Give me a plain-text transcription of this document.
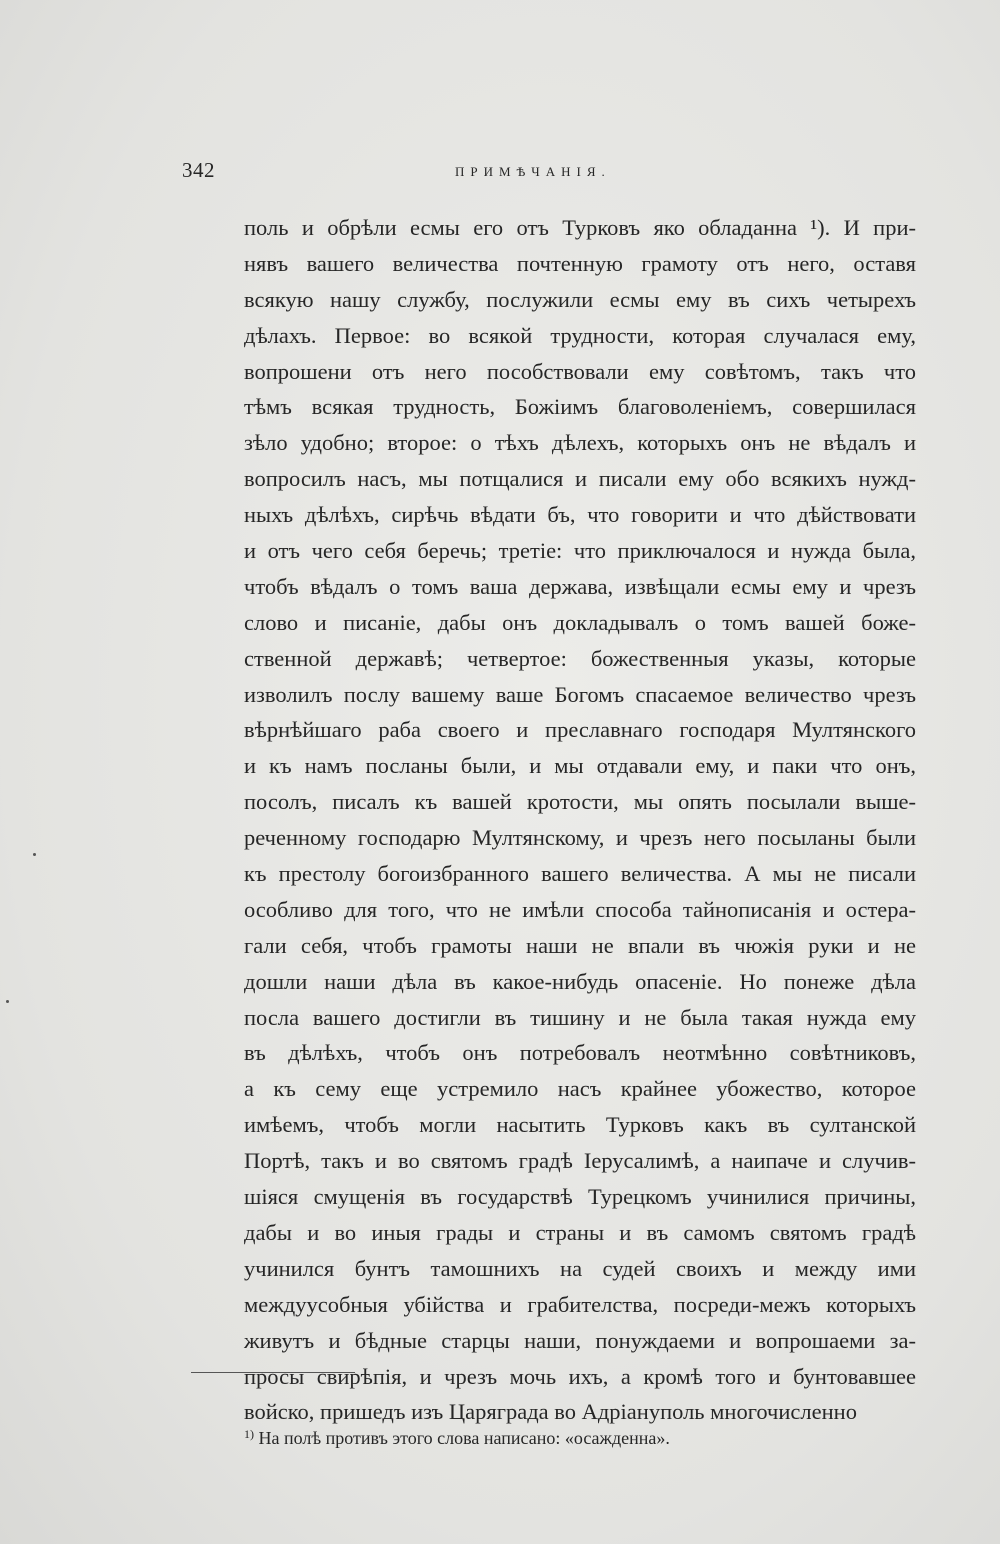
342	ПРИМѢЧАНІЯ.
поль и обрѣли есмы его отъ Турковъ яко обладанна ¹). И при-
нявъ вашего величества почтенную грамоту отъ него, оставя
всякую нашу службу, послужили есмы ему въ сихъ четырехъ
дѣлахъ. Первое: во всякой трудности, которая случалася ему,
вопрошени отъ него пособствовали ему совѣтомъ, такъ что
тѣмъ всякая трудность, Божіимъ благоволеніемъ, совершилася
зѣло удобно; второе: о тѣхъ дѣлехъ, которыхъ онъ не вѣдалъ и
вопросилъ насъ, мы потщалися и писали ему обо всякихъ нужд-
ныхъ дѣлѣхъ, сирѣчь вѣдати бъ, что говорити и что дѣйствовати
и отъ чего себя беречь; третіе: что приключалося и нужда была,
чтобъ вѣдалъ о томъ ваша держава, извѣщали есмы ему и чрезъ
слово и писаніе, дабы онъ докладывалъ о томъ вашей боже-
ственной державѣ; четвертое: божественныя указы, которые
изволилъ послу вашему ваше Богомъ спасаемое величество чрезъ
вѣрнѣйшаго раба своего и преславнаго господаря Мултянского
и къ намъ посланы были, и мы отдавали ему, и паки что онъ,
посолъ, писалъ къ вашей кротости, мы опять посылали выше-
реченному господарю Мултянскому, и чрезъ него посыланы были
къ престолу богоизбранного вашего величества. А мы не писали
особливо для того, что не имѣли способа тайнописанія и остера-
гали себя, чтобъ грамоты наши не впали въ чюжія руки и не
дошли наши дѣла въ какое-нибудь опасеніе. Но понеже дѣла
посла вашего достигли въ тишину и не была такая нужда ему
въ дѣлѣхъ, чтобъ онъ потребовалъ неотмѣнно совѣтниковъ,
а къ сему еще устремило насъ крайнее убожество, которое
имѣемъ, чтобъ могли насытить Турковъ какъ въ султанской
Портѣ, такъ и во святомъ градѣ Іерусалимѣ, а наипаче и случив-
шіяся смущенія въ государствѣ Турецкомъ учинилися причины,
дабы и во иныя грады и страны и въ самомъ святомъ градѣ
учинился бунтъ тамошнихъ на судей своихъ и между ими
междуусобныя убійства и грабителства, посреди-межъ которыхъ
живутъ и бѣдные старцы наши, понуждаеми и вопрошаеми за-
просы свирѣпія, и чрезъ мочь ихъ, а кромѣ того и бунтовавшее
войско, пришедъ изъ Царяграда во Адріануполь многочисленно
$^{1)}$ На полѣ противъ этого слова написано: «осажденна».
